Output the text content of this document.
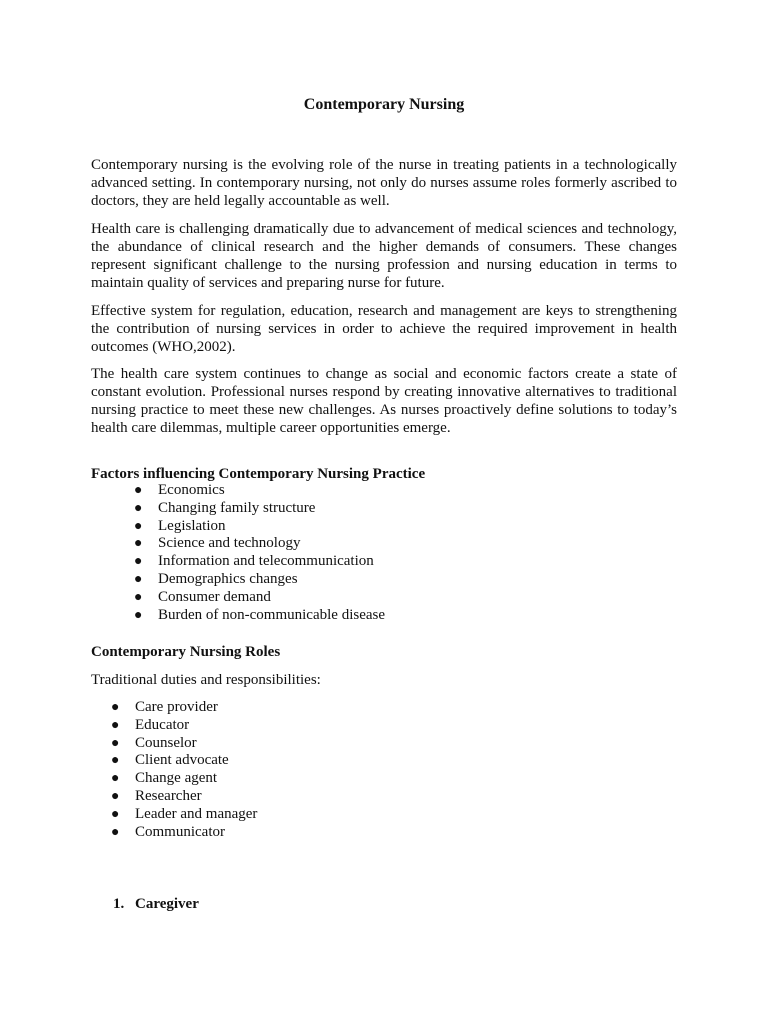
Contemporary Nursing

Contemporary nursing is the evolving role of the nurse in treating patients in a technologically advanced setting. In contemporary nursing, not only do nurses assume roles formerly ascribed to doctors, they are held legally accountable as well.

Health care is challenging dramatically due to advancement of medical sciences and technology, the abundance of clinical research and the higher demands of consumers. These changes represent significant challenge to the nursing profession and nursing education in terms to maintain quality of services and preparing nurse for future.

Effective system for regulation, education, research and management are keys to strengthening the contribution of nursing services in order to achieve the required improvement in health outcomes (WHO,2002).

The health care system continues to change as social and economic factors create a state of constant evolution. Professional nurses respond by creating innovative alternatives to traditional nursing practice to meet these new challenges. As nurses proactively define solutions to today’s health care dilemmas, multiple career opportunities emerge.

Factors influencing Contemporary Nursing Practice

● Economics
● Changing family structure
● Legislation
● Science and technology
● Information and telecommunication
● Demographics changes
● Consumer demand
● Burden of non-communicable disease

Contemporary Nursing Roles

Traditional duties and responsibilities:

● Care provider
● Educator
● Counselor
● Client advocate
● Change agent
● Researcher
● Leader and manager
● Communicator

1. Caregiver
